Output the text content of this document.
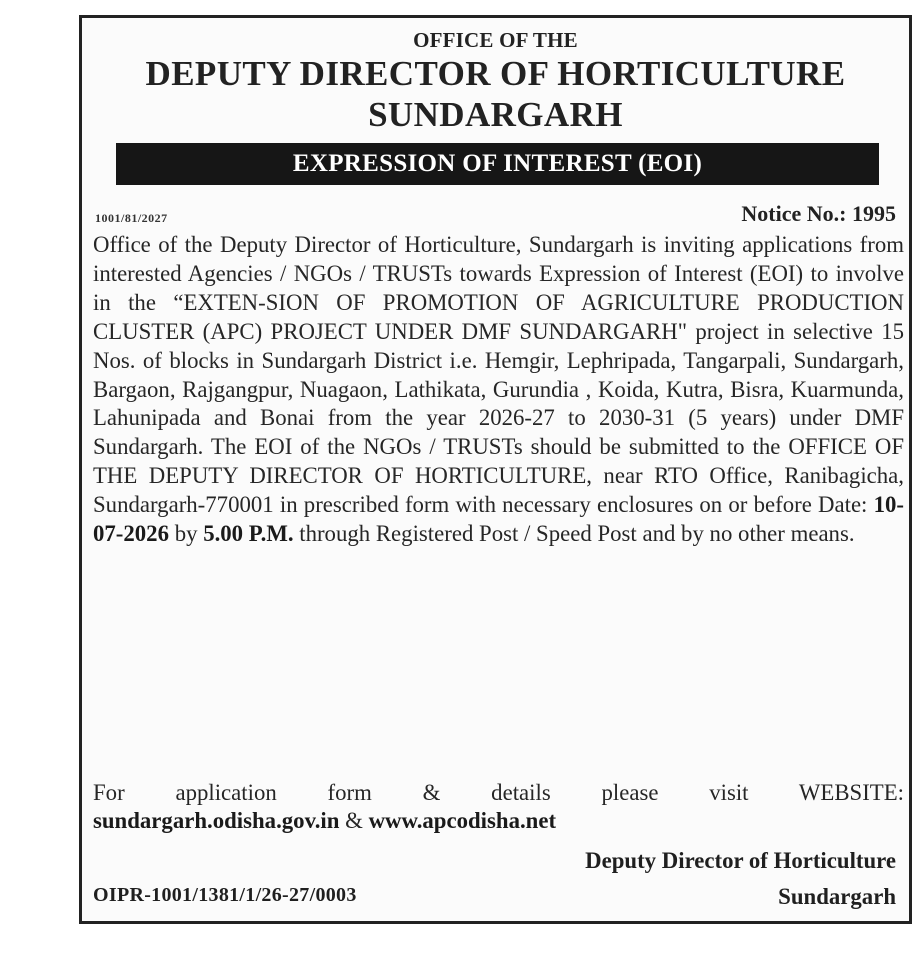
OFFICE OF THE

DEPUTY DIRECTOR OF HORTICULTURE

SUNDARGARH

EXPRESSION OF INTEREST (EOI)

1001/81/2027	Notice No.: 1995

Office of the Deputy Director of Horticulture, Sundargarh is inviting applications from interested Agencies / NGOs / TRUSTs towards Expression of Interest (EOI) to involve in the “EXTEN-SION OF PROMOTION OF AGRICULTURE PRODUCTION CLUSTER (APC) PROJECT UNDER DMF SUNDARGARH" project in selective 15 Nos. of blocks in Sundargarh District i.e. Hemgir, Lephripada, Tangarpali, Sundargarh, Bargaon, Rajgangpur, Nuagaon, Lathikata, Gurundia , Koida, Kutra, Bisra, Kuarmunda, Lahunipada and Bonai from the year 2026-27 to 2030-31 (5 years) under DMF Sundargarh. The EOI of the NGOs / TRUSTs should be submitted to the OFFICE OF THE DEPUTY DIRECTOR OF HORTICULTURE, near RTO Office, Ranibagicha, Sundargarh-770001 in prescribed form with necessary enclosures on or before Date: 10-07-2026 by 5.00 P.M. through Registered Post / Speed Post and by no other means.

For application form & details please visit WEBSITE:

sundargarh.odisha.gov.in & www.apcodisha.net

Deputy Director of Horticulture

OIPR-1001/1381/1/26-27/0003	Sundargarh
